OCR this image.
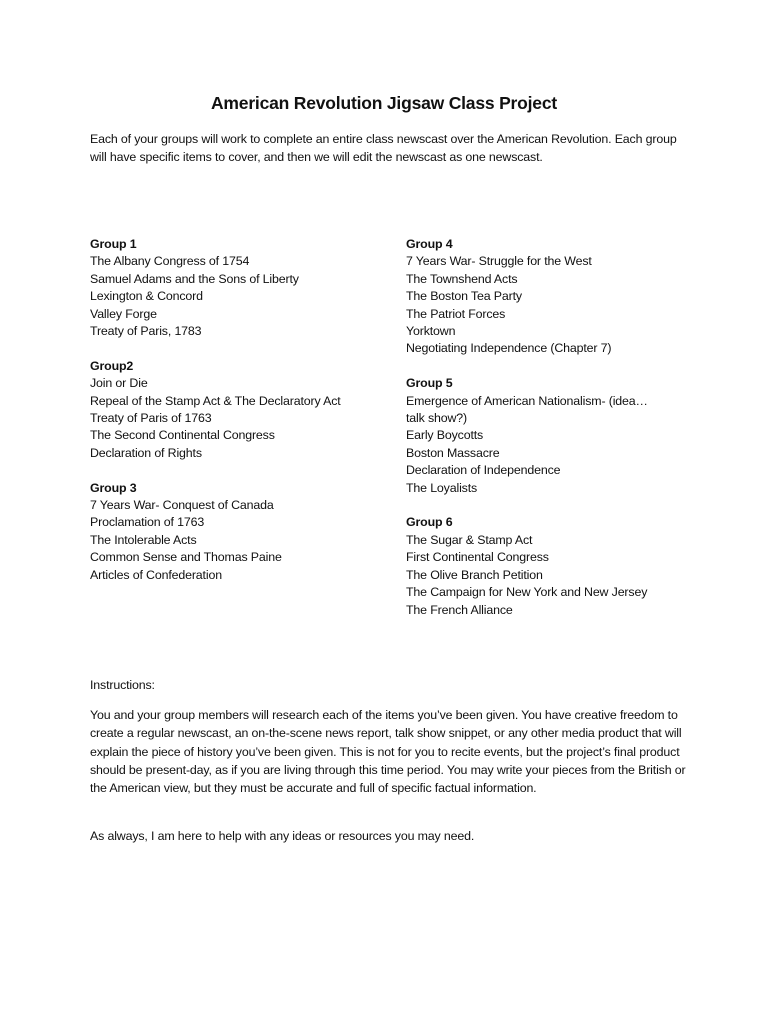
American Revolution Jigsaw Class Project
Each of your groups will work to complete an entire class newscast over the American Revolution. Each group will have specific items to cover, and then we will edit the newscast as one newscast.
Group 1
The Albany Congress of 1754
Samuel Adams and the Sons of Liberty
Lexington & Concord
Valley Forge
Treaty of Paris, 1783
Group2
Join or Die
Repeal of the Stamp Act & The Declaratory Act
Treaty of Paris of 1763
The Second Continental Congress
Declaration of Rights
Group 3
7 Years War- Conquest of Canada
Proclamation of 1763
The Intolerable Acts
Common Sense and Thomas Paine
Articles of Confederation
Group 4
7 Years War- Struggle for the West
The Townshend Acts
The Boston Tea Party
The Patriot Forces
Yorktown
Negotiating Independence (Chapter 7)
Group 5
Emergence of American Nationalism- (idea…
talk show?)
Early Boycotts
Boston Massacre
Declaration of Independence
The Loyalists
Group 6
The Sugar & Stamp Act
First Continental Congress
The Olive Branch Petition
The Campaign for New York and New Jersey
The French Alliance
Instructions:
You and your group members will research each of the items you’ve been given. You have creative freedom to create a regular newscast, an on-the-scene news report, talk show snippet, or any other media product that will explain the piece of history you’ve been given. This is not for you to recite events, but the project’s final product should be present-day, as if you are living through this time period. You may write your pieces from the British or the American view, but they must be accurate and full of specific factual information.
As always, I am here to help with any ideas or resources you may need.
